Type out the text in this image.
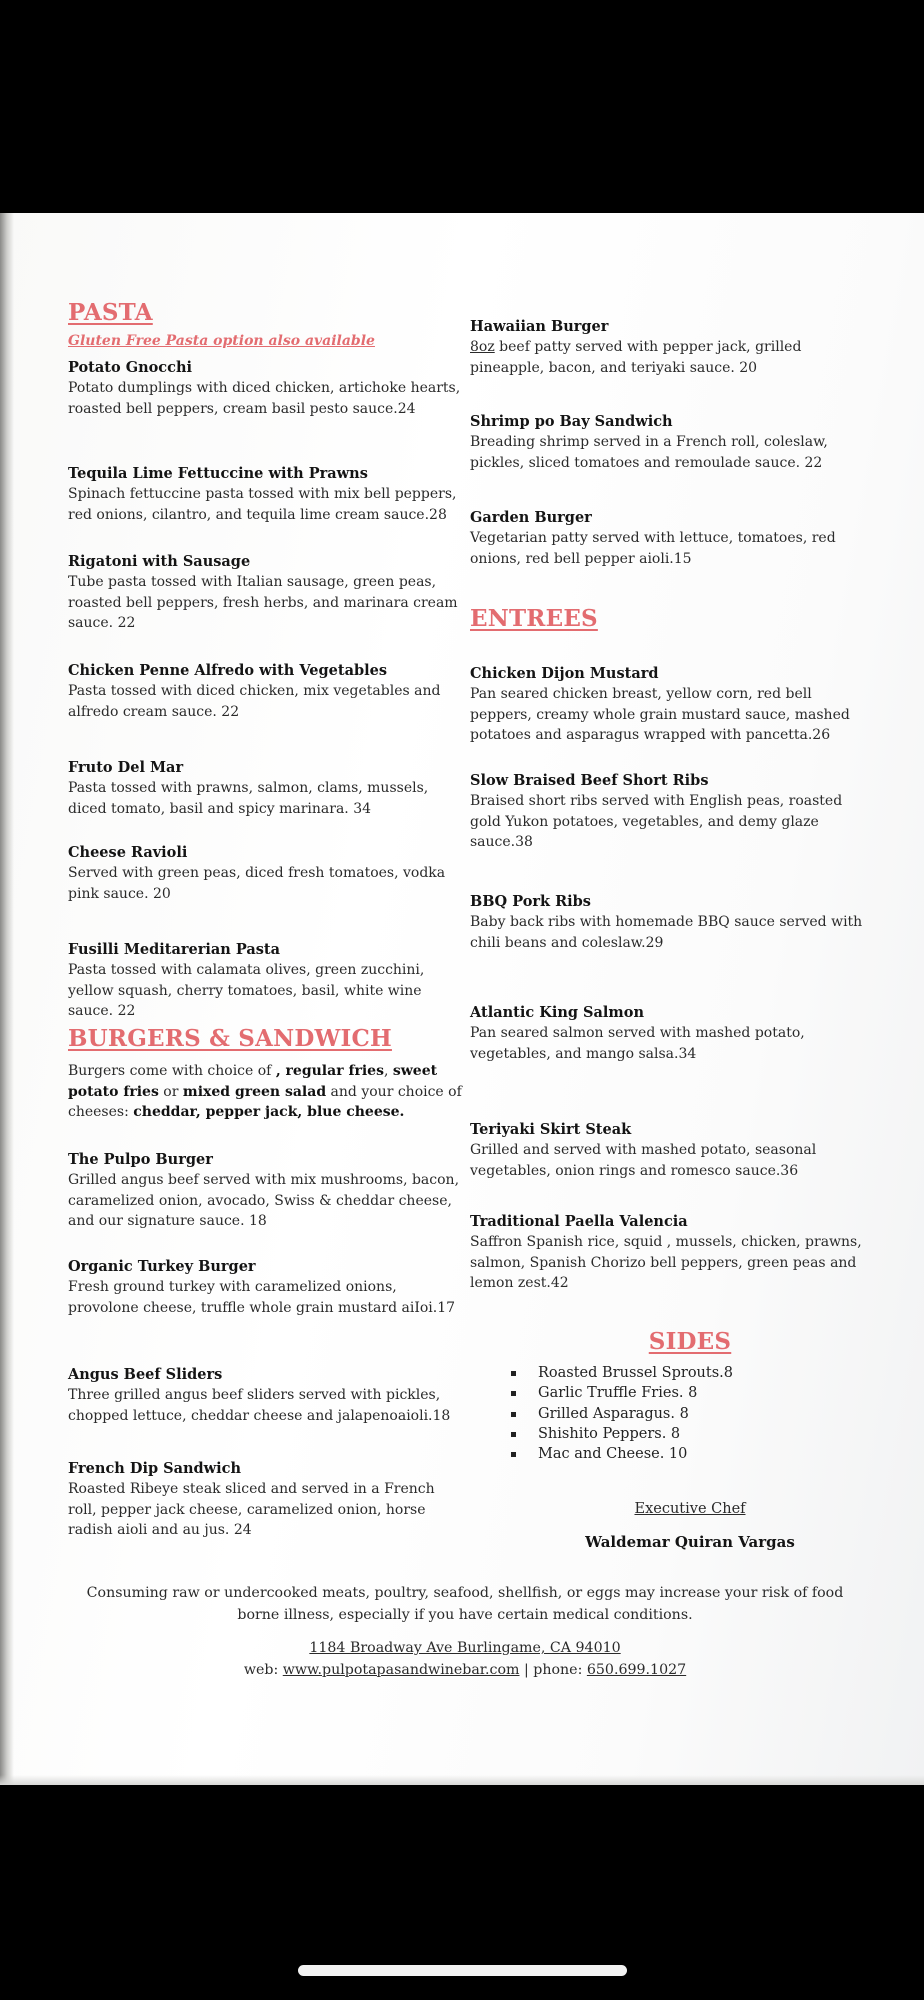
PASTA
Gluten Free Pasta option also available
Potato Gnocchi
Potato dumplings with diced chicken, artichoke hearts, roasted bell peppers, cream basil pesto sauce.24
Tequila Lime Fettuccine with Prawns
Spinach fettuccine pasta tossed with mix bell peppers, red onions, cilantro, and tequila lime cream sauce.28
Rigatoni with Sausage
Tube pasta tossed with Italian sausage, green peas, roasted bell peppers, fresh herbs, and marinara cream sauce. 22
Chicken Penne Alfredo with Vegetables
Pasta tossed with diced chicken, mix vegetables and alfredo cream sauce. 22
Fruto Del Mar
Pasta tossed with prawns, salmon, clams, mussels, diced tomato, basil and spicy marinara. 34
Cheese Ravioli
Served with green peas, diced fresh tomatoes, vodka pink sauce. 20
Fusilli Meditarerian Pasta
Pasta tossed with calamata olives, green zucchini, yellow squash, cherry tomatoes, basil, white wine sauce. 22
BURGERS & SANDWICH
Burgers come with choice of , regular fries, sweet potato fries or mixed green salad and your choice of cheeses: cheddar, pepper jack, blue cheese.
The Pulpo Burger
Grilled angus beef served with mix mushrooms, bacon, caramelized onion, avocado, Swiss & cheddar cheese, and our signature sauce. 18
Organic Turkey Burger
Fresh ground turkey with caramelized onions, provolone cheese, truffle whole grain mustard aiIoi.17
Angus Beef Sliders
Three grilled angus beef sliders served with pickles, chopped lettuce, cheddar cheese and jalapenoaioli.18
French Dip Sandwich
Roasted Ribeye steak sliced and served in a French roll, pepper jack cheese, caramelized onion, horse radish aioli and au jus. 24
Hawaiian Burger
8oz beef patty served with pepper jack, grilled pineapple, bacon, and teriyaki sauce. 20
Shrimp po Bay Sandwich
Breading shrimp served in a French roll, coleslaw, pickles, sliced tomatoes and remoulade sauce. 22
Garden Burger
Vegetarian patty served with lettuce, tomatoes, red onions, red bell pepper aioli.15
ENTREES
Chicken Dijon Mustard
Pan seared chicken breast, yellow corn, red bell peppers, creamy whole grain mustard sauce, mashed potatoes and asparagus wrapped with pancetta.26
Slow Braised Beef Short Ribs
Braised short ribs served with English peas, roasted gold Yukon potatoes, vegetables, and demy glaze sauce.38
BBQ Pork Ribs
Baby back ribs with homemade BBQ sauce served with chili beans and coleslaw.29
Atlantic King Salmon
Pan seared salmon served with mashed potato, vegetables, and mango salsa.34
Teriyaki Skirt Steak
Grilled and served with mashed potato, seasonal vegetables, onion rings and romesco sauce.36
Traditional Paella Valencia
Saffron Spanish rice, squid , mussels, chicken, prawns, salmon, Spanish Chorizo bell peppers, green peas and lemon zest.42
SIDES
Roasted Brussel Sprouts.8
Garlic Truffle Fries. 8
Grilled Asparagus. 8
Shishito Peppers. 8
Mac and Cheese. 10
Executive Chef
Waldemar Quiran Vargas
Consuming raw or undercooked meats, poultry, seafood, shellfish, or eggs may increase your risk of food borne illness, especially if you have certain medical conditions.
1184 Broadway Ave Burlingame, CA 94010
web: www.pulpotapasandwinebar.com | phone: 650.699.1027
